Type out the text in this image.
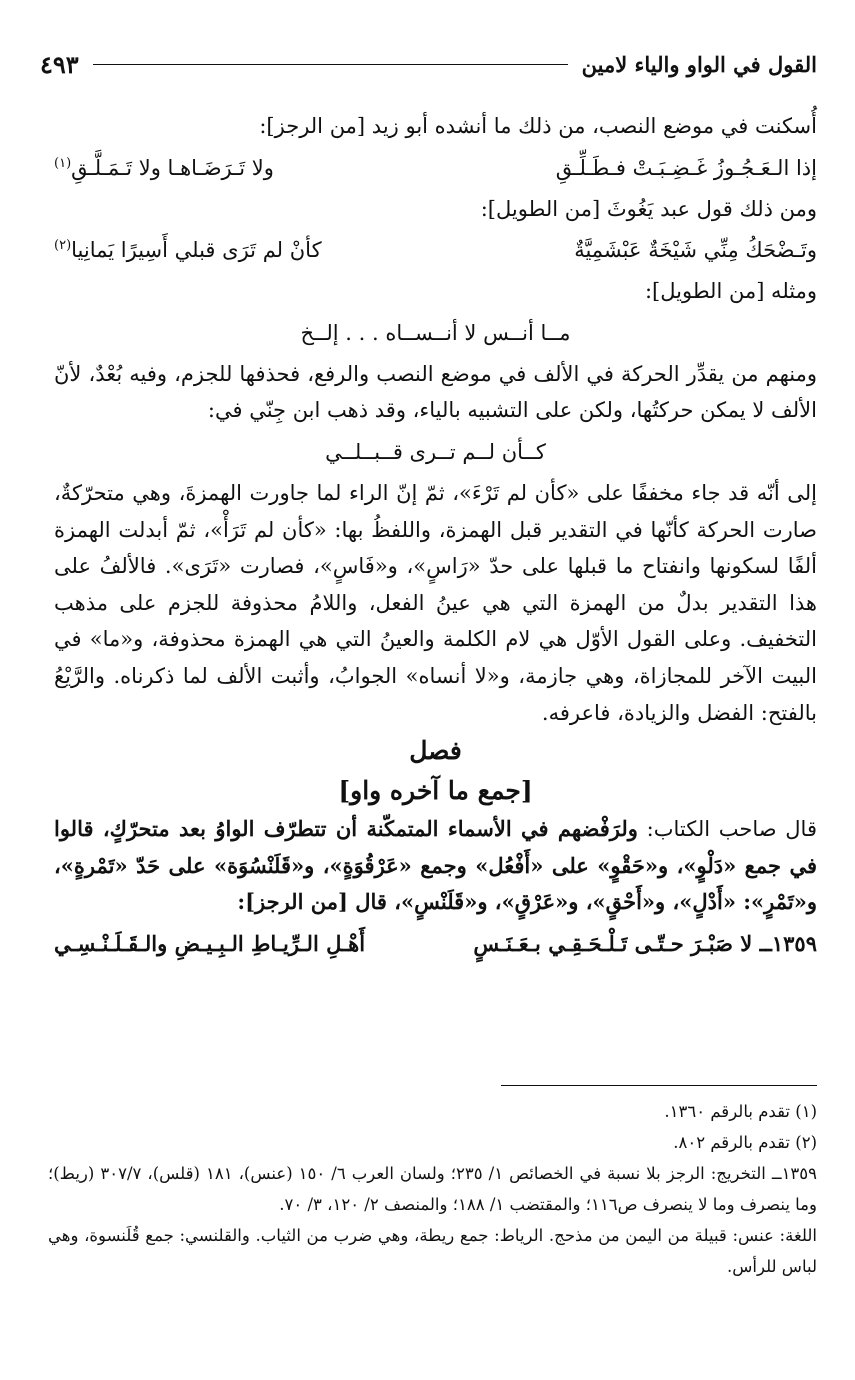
القول في الواو والياء لامين
٤٩٣

أُسكنت في موضع النصب، من ذلك ما أنشده أبو زيد [من الرجز]:

إذا الـعَـجُـوزُ غَـضِـبَـتْ فـطَـلِّـقِ
ولا تَـرَضَـاهـا ولا تَـمَـلَّـقِ$^{(١)}$

ومن ذلك قول عبد يَغُوثَ [من الطويل]:

وتَـضْحَكُ مِنِّي شَيْخَةٌ عَبْشَمِيَّةٌ
كأنْ لم تَرَى قبلي أَسِيرًا يَمانِيا$^{(٢)}$

ومثله [من الطويل]:

مــا أنــس لا أنــســاه . . . إلــخ

ومنهم من يقدِّر الحركة في الألف في موضع النصب والرفع، فحذفها للجزم، وفيه بُعْدٌ، لأنّ الألف لا يمكن حركتُها، ولكن على التشبيه بالياء، وقد ذهب ابن جِنّي في:

كــأن لــم تــرى قــبــلــي

إلى أنّه قد جاء مخففًا على «كأن لم تَرْءَ»، ثمّ إنّ الراء لما جاورت الهمزةَ، وهي متحرّكةٌ، صارت الحركة كأنّها في التقدير قبل الهمزة، واللفظُ بها: «كأن لم تَرَأْ»، ثمّ أبدلت الهمزة ألفًا لسكونها وانفتاح ما قبلها على حدّ «رَاسٍ»، و«فَاسٍ»، فصارت «تَرَى». فالألفُ على هذا التقدير بدلٌ من الهمزة التي هي عينُ الفعل، واللامُ محذوفة للجزم على مذهب التخفيف. وعلى القول الأوّل هي لام الكلمة والعينُ التي هي الهمزة محذوفة، و«ما» في البيت الآخر للمجازاة، وهي جازمة، و«لا أنساه» الجوابُ، وأثبت الألف لما ذكرناه. والرَّيْعُ بالفتح: الفضل والزيادة، فاعرفه.

فصل
[جمع ما آخره واو]

قال صاحب الكتاب: ولرَفْضهم في الأسماء المتمكّنة أن تتطرّف الواوُ بعد متحرّكٍ، قالوا في جمع «دَلْوٍ»، و«حَقْوٍ» على «أَفْعُل» وجمع «عَرْقُوَةٍ»، و«قَلَنْسُوَة» على حَدّ «تَمْرةٍ»، و«تَمْرٍ»: «أَدْلٍ»، و«أَحْقٍ»، و«عَرْقٍ»، و«قَلَنْسٍ»، قال [من الرجز]:

١٣٥٩ــ لا صَبْـرَ حـتّـى تَـلْـحَـقِـي بـعَـنَـسٍ
أَهْـلِ الـرِّيـاطِ الـبِـيـضِ والـقَـلَـنْـسِـي

(١) تقدم بالرقم ١٣٦٠.

(٢) تقدم بالرقم ٨٠٢.

١٣٥٩ــ التخريج: الرجز بلا نسبة في الخصائص ١/ ٢٣٥؛ ولسان العرب ٦/ ١٥٠ (عنس)، ١٨١ (قلس)، ٣٠٧/٧ (ريط)؛ وما ينصرف وما لا ينصرف ص١١٦؛ والمقتضب ١/ ١٨٨؛ والمنصف ٢/ ١٢٠، ٣/ ٧٠.

اللغة: عنس: قبيلة من اليمن من مذحج. الرياط: جمع ريطة، وهي ضرب من الثياب. والقلنسي: جمع قُلَنسوة، وهي لباس للرأس.
